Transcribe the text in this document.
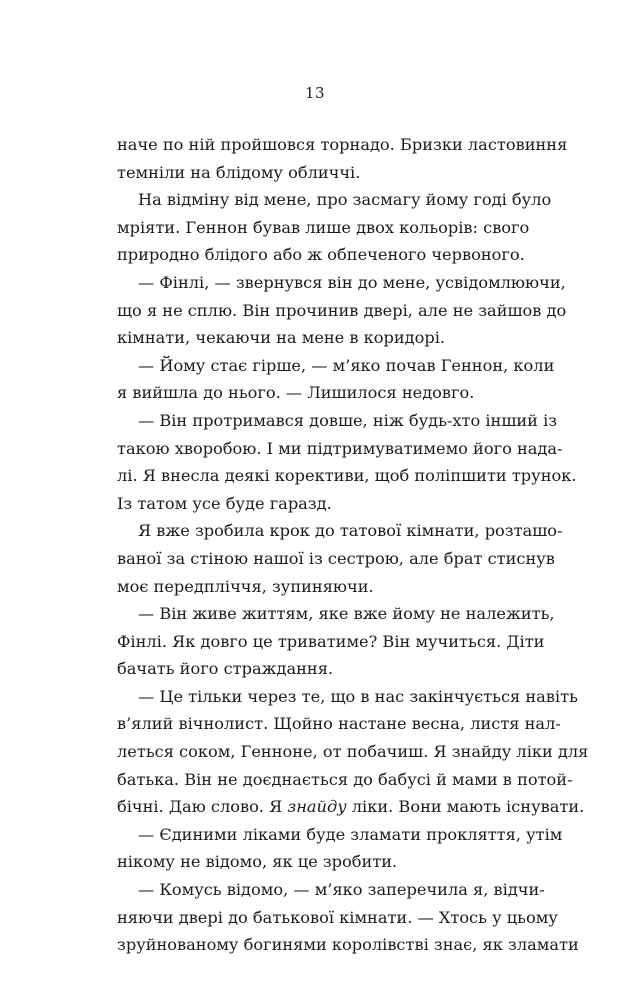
13
наче по ній пройшовся торнадо. Бризки ластовиння
темніли на блідому обличчі.
На відміну від мене, про засмагу йому годі було
мріяти. Геннон бував лише двох кольорів: свого
природно блідого або ж обпеченого червоного.
— Фінлі, — звернувся він до мене, усвідомлюючи,
що я не сплю. Він прочинив двері, але не зайшов до
кімнати, чекаючи на мене в коридорі.
— Йому стає гірше, — м’яко почав Геннон, коли
я вийшла до нього. — Лишилося недовго.
— Він протримався довше, ніж будь-хто інший із
такою хворобою. І ми підтримуватимемо його нада-
лі. Я внесла деякі корективи, щоб поліпшити трунок.
Із татом усе буде гаразд.
Я вже зробила крок до татової кімнати, розташо-
ваної за стіною нашої із сестрою, але брат стиснув
моє передпліччя, зупиняючи.
— Він живе життям, яке вже йому не належить,
Фінлі. Як довго це триватиме? Він мучиться. Діти
бачать його страждання.
— Це тільки через те, що в нас закінчується навіть
в’ялий вічнолист. Щойно настане весна, листя нал-
леться соком, Генноне, от побачиш. Я знайду ліки для
батька. Він не доєднається до бабусі й мами в потой-
бічні. Даю слово. Я знайду ліки. Вони мають існувати.
— Єдиними ліками буде зламати прокляття, утім
нікому не відомо, як це зробити.
— Комусь відомо, — м’яко заперечила я, відчи-
няючи двері до батькової кімнати. — Хтось у цьому
зруйнованому богинями королівстві знає, як зламати
